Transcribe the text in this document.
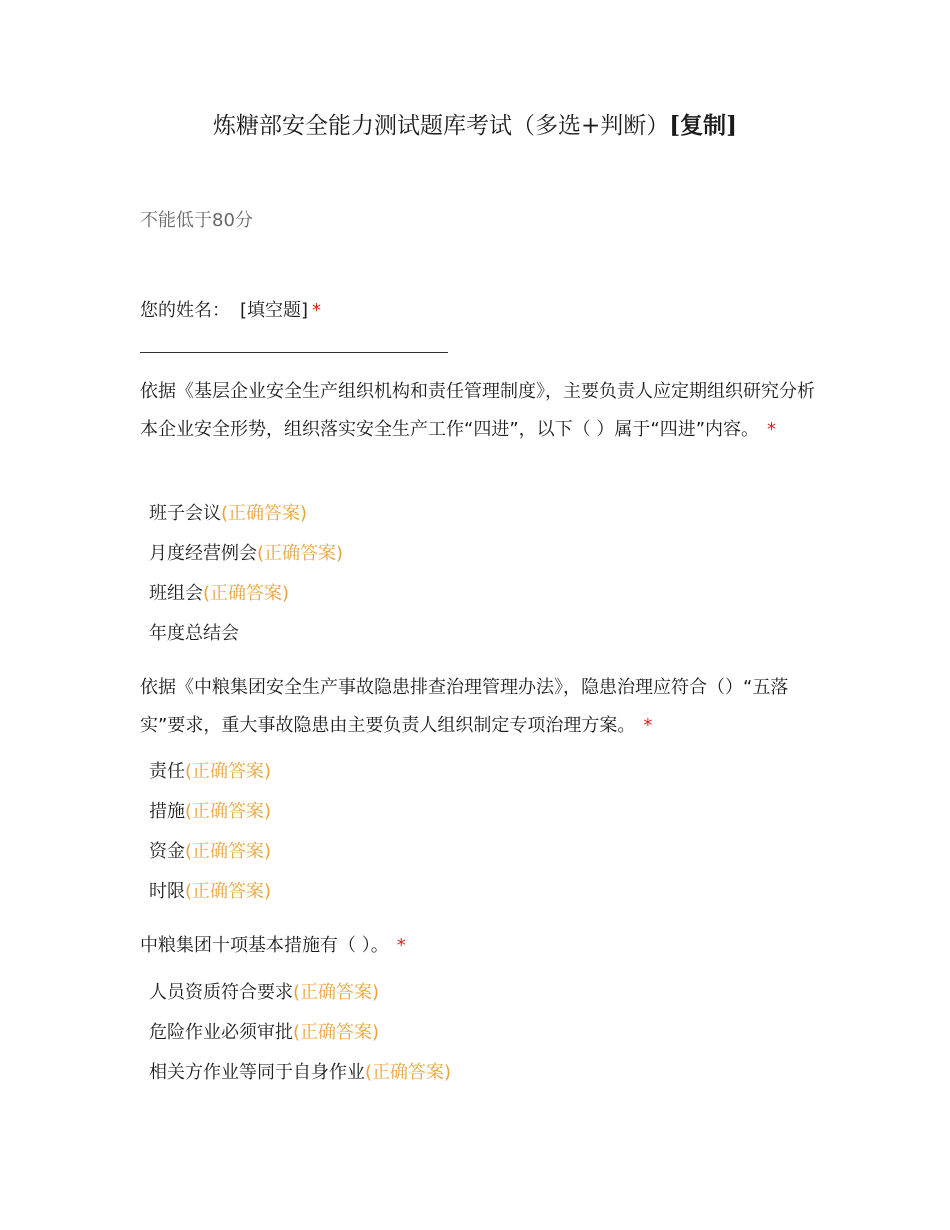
炼糖部安全能力测试题库考试（多选+判断）[复制]
不能低于80分
您的姓名： [填空题] *
依据《基层企业安全生产组织机构和责任管理制度》，主要负责人应定期组织研究分析本企业安全形势，组织落实安全生产工作“四进”，以下（ ）属于“四进”内容。 *
班子会议(正确答案)
月度经营例会(正确答案)
班组会(正确答案)
年度总结会
依据《中粮集团安全生产事故隐患排查治理管理办法》，隐患治理应符合（）“五落实”要求，重大事故隐患由主要负责人组织制定专项治理方案。 *
责任(正确答案)
措施(正确答案)
资金(正确答案)
时限(正确答案)
中粮集团十项基本措施有（ ）。 *
人员资质符合要求(正确答案)
危险作业必须审批(正确答案)
相关方作业等同于自身作业(正确答案)
